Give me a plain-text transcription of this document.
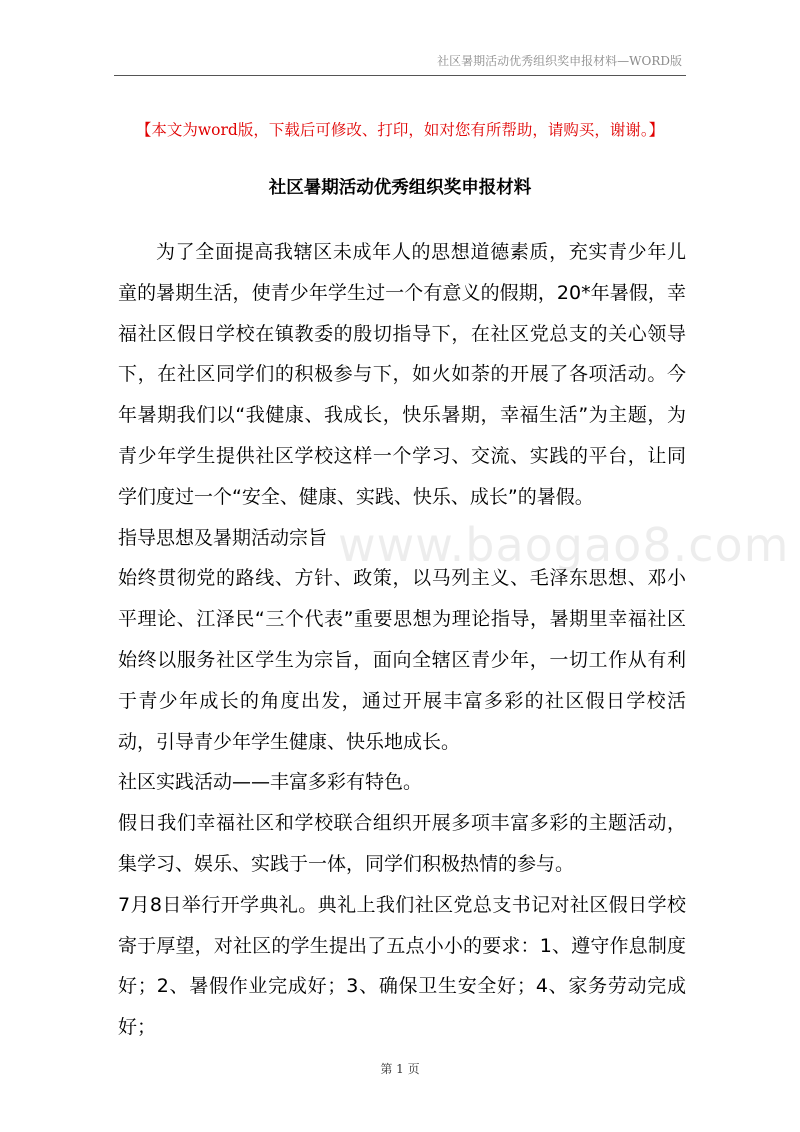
社区暑期活动优秀组织奖申报材料—WORD版
【本文为word版，下载后可修改、打印，如对您有所帮助，请购买，谢谢。】
社区暑期活动优秀组织奖申报材料
www.baogao8.com

为了全面提高我辖区未成年人的思想道德素质，充实青少年儿童的暑期生活，使青少年学生过一个有意义的假期，20*年暑假，幸福社区假日学校在镇教委的殷切指导下，在社区党总支的关心领导下，在社区同学们的积极参与下，如火如荼的开展了各项活动。今年暑期我们以“我健康、我成长，快乐暑期，幸福生活”为主题，为青少年学生提供社区学校这样一个学习、交流、实践的平台，让同学们度过一个“安全、健康、实践、快乐、成长”的暑假。

指导思想及暑期活动宗旨

始终贯彻党的路线、方针、政策，以马列主义、毛泽东思想、邓小平理论、江泽民“三个代表”重要思想为理论指导，暑期里幸福社区始终以服务社区学生为宗旨，面向全辖区青少年，一切工作从有利于青少年成长的角度出发，通过开展丰富多彩的社区假日学校活动，引导青少年学生健康、快乐地成长。

社区实践活动——丰富多彩有特色。

假日我们幸福社区和学校联合组织开展多项丰富多彩的主题活动，集学习、娱乐、实践于一体，同学们积极热情的参与。

7月8日举行开学典礼。典礼上我们社区党总支书记对社区假日学校寄于厚望，对社区的学生提出了五点小小的要求：1、遵守作息制度好；2、暑假作业完成好；3、确保卫生安全好；4、家务劳动完成好；

第 1 页
